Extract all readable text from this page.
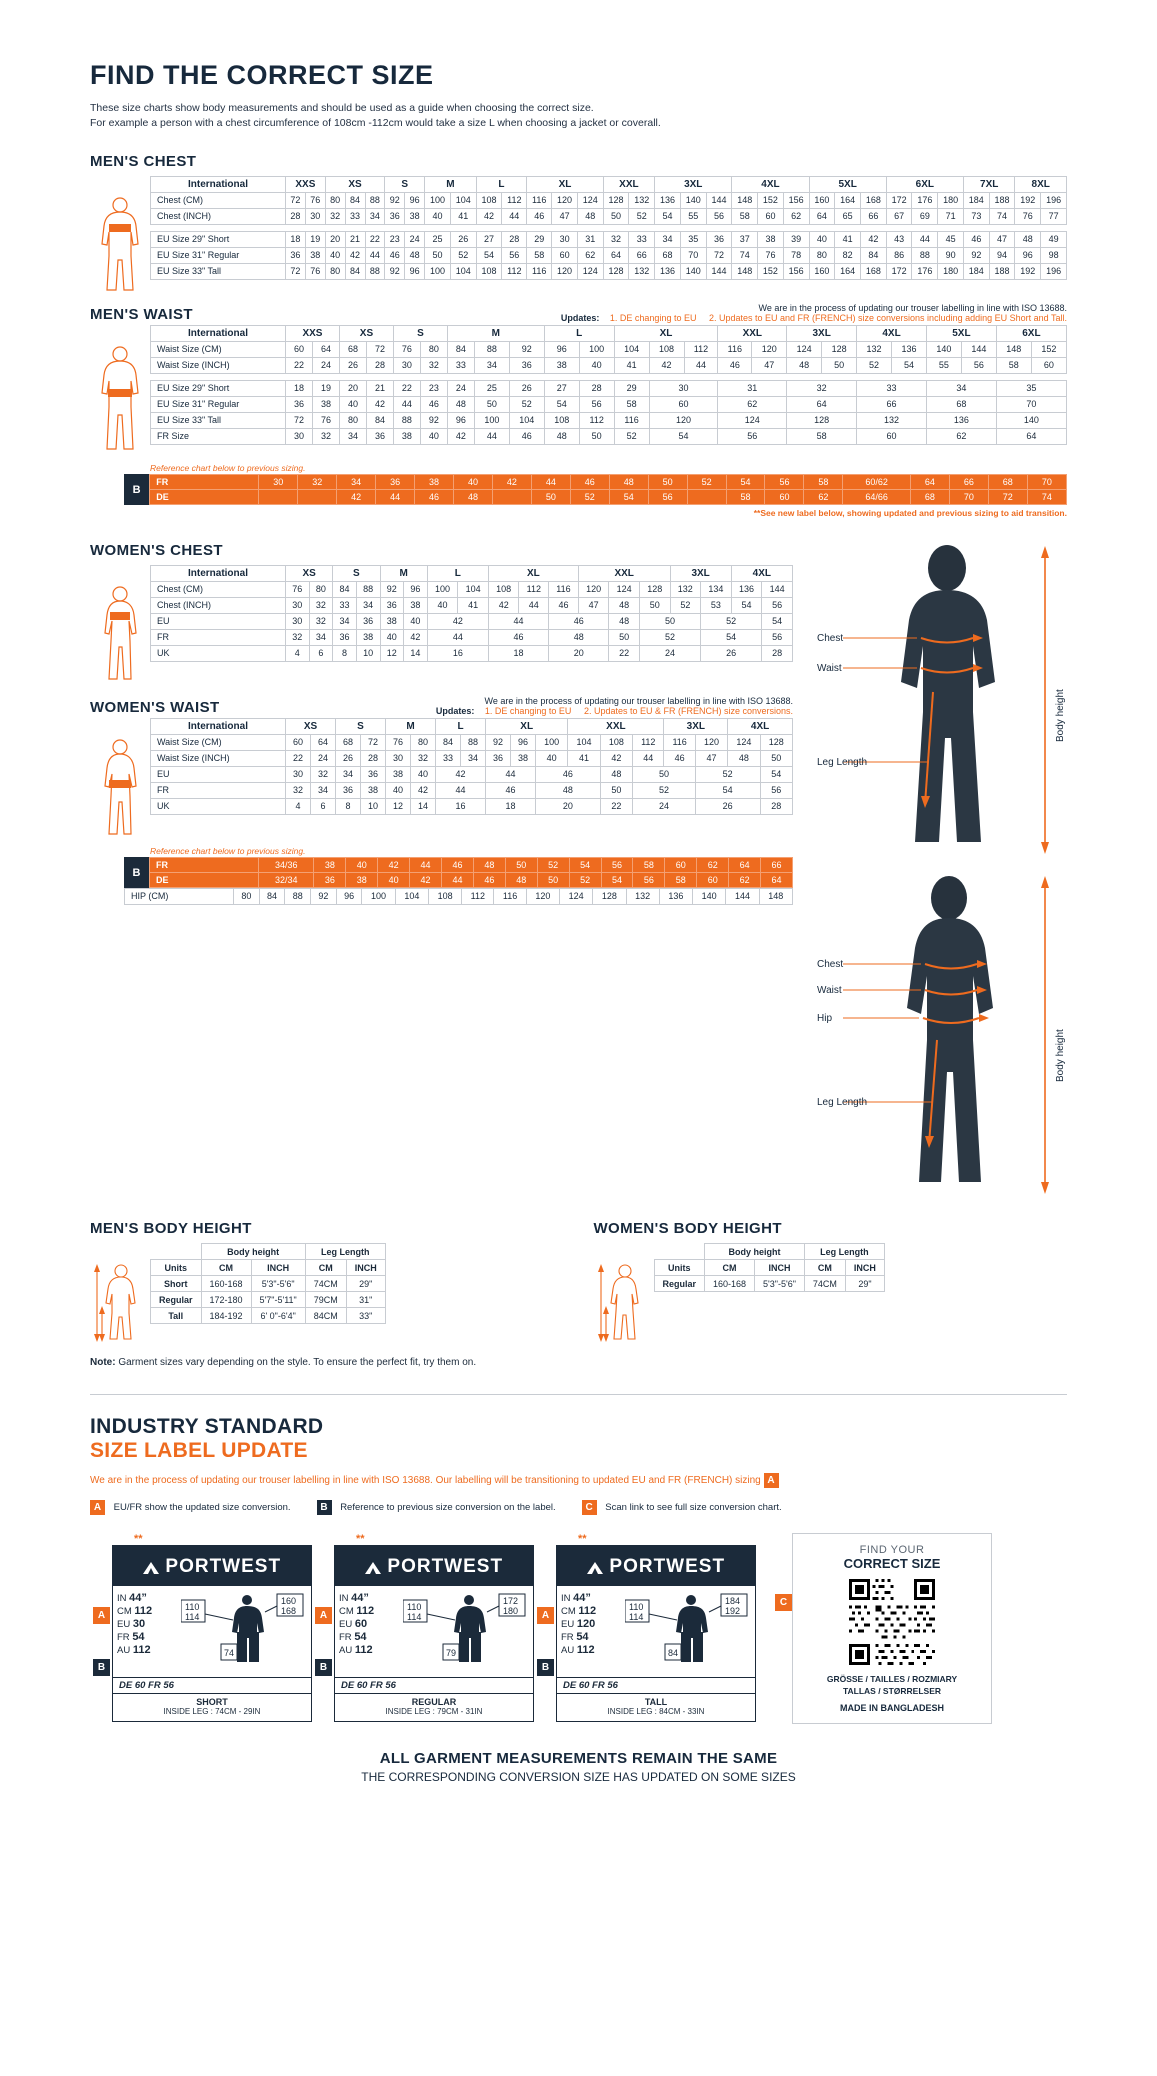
FIND THE CORRECT SIZE
These size charts show body measurements and should be used as a guide when choosing the correct size.
For example a person with a chest circumference of 108cm -112cm would take a size L when choosing a jacket or coverall.
MEN'S CHEST
International	XXS		XS			S		M		L		XL			XXL		3XL			4XL			5XL			6XL			7XL		8XL	
Chest (CM)	72	76	80	84	88	92	96	100	104	108	112	116	120	124	128	132	136	140	144	148	152	156	160	164	168	172	176	180	184	188	192	196
Chest (INCH)	28	30	32	33	34	36	38	40	41	42	44	46	47	48	50	52	54	55	56	58	60	62	64	65	66	67	69	71	73	74	76	77

EU Size 29" Short	18	19	20	21	22	23	24	25	26	27	28	29	30	31	32	33	34	35	36	37	38	39	40	41	42	43	44	45	46	47	48	49
EU Size 31" Regular	36	38	40	42	44	46	48	50	52	54	56	58	60	62	64	66	68	70	72	74	76	78	80	82	84	86	88	90	92	94	96	98
EU Size 33" Tall	72	76	80	84	88	92	96	100	104	108	112	116	120	124	128	132	136	140	144	148	152	156	160	164	168	172	176	180	184	188	192	196
MEN'S WAIST	We are in the process of updating our trouser labelling in line with ISO 13688.
Updates: 1. DE changing to EU 2. Updates to EU and FR (FRENCH) size conversions including adding EU Short and Tall.
International	XXS		XS		S		M			L		XL			XXL		3XL		4XL		5XL		6XL	
Waist Size (CM)	60	64	68	72	76	80	84	88	92	96	100	104	108	112	116	120	124	128	132	136	140	144	148	152
Waist Size (INCH)	22	24	26	28	30	32	33	34	36	38	40	41	42	44	46	47	48	50	52	54	55	56	58	60

EU Size 29" Short	18	19	20	21	22	23	24	25	26	27	28	29	30		31		32		33		34		35	
EU Size 31" Regular	36	38	40	42	44	46	48	50	52	54	56	58	60		62		64		66		68		70	
EU Size 33" Tall	72	76	80	84	88	92	96	100	104	108	112	116	120		124		128		132		136		140	
FR Size	30	32	34	36	38	40	42	44	46	48	50	52	54		56		58		60		62		64	
Reference chart below to previous sizing.
B
FR	30	32	34	36	38	40	42	44	46	48	50	52	54	56	58	60/62	64	66	68	70
DE			42	44	46	48		50	52	54	56		58	60	62	64/66	68	70	72	74
**See new label below, showing updated and previous sizing to aid transition.
WOMEN'S CHEST
International	XS		S		M		L		XL			XXL			3XL		4XL	
Chest (CM)	76	80	84	88	92	96	100	104	108	112	116	120	124	128	132	134	136	144
Chest (INCH)	30	32	33	34	36	38	40	41	42	44	46	47	48	50	52	53	54	56
EU	30	32	34	36	38	40	42		44		46		48	50		52		54
FR	32	34	36	38	40	42	44		46		48		50	52		54		56
UK	4	6	8	10	12	14	16		18		20		22	24		26		28
WOMEN'S WAIST	We are in the process of updating our trouser labelling in line with ISO 13688.
Updates: 1. DE changing to EU 2. Updates to EU & FR (FRENCH) size conversions.
International	XS		S		M		L		XL			XXL			3XL		4XL	
Waist Size (CM)	60	64	68	72	76	80	84	88	92	96	100	104	108	112	116	120	124	128
Waist Size (INCH)	22	24	26	28	30	32	33	34	36	38	40	41	42	44	46	47	48	50
EU	30	32	34	36	38	40	42		44		46		48	50		52		54
FR	32	34	36	38	40	42	44		46		48		50	52		54		56
UK	4	6	8	10	12	14	16		18		20		22	24		26		28
Reference chart below to previous sizing.
B
FR	34/36	38	40	42	44	46	48	50	52	54	56	58	60	62	64	66
DE	32/34	36	38	40	42	44	46	48	50	52	54	56	58	60	62	64
HIP (CM)	80	84	88	92	96	100	104	108	112	116	120	124	128	132	136	140	144	148
Chest
Waist
Leg Length
Body height
Chest
Waist
Hip
Leg Length
Body height
MEN'S BODY HEIGHT
	Body height		Leg Length	
Units	CM	INCH	CM	INCH
Short	160-168	5'3"-5'6"	74CM	29"
Regular	172-180	5'7"-5'11"	79CM	31"
Tall	184-192	6' 0"-6'4"	84CM	33"
WOMEN'S BODY HEIGHT
	Body height		Leg Length	
Units	CM	INCH	CM	INCH
Regular	160-168	5'3"-5'6"	74CM	29"
Note: Garment sizes vary depending on the style. To ensure the perfect fit, try them on.
INDUSTRY STANDARD
SIZE LABEL UPDATE
We are in the process of updating our trouser labelling in line with ISO 13688. Our labelling will be transitioning to updated EU and FR (FRENCH) sizing A
A EU/FR show the updated size conversion.	B Reference to previous size conversion on the label.	C Scan link to see full size conversion chart.
**
PORTWEST
IN 44”
CM 112
EU 30
FR 54
AU 112
110
114
160
168
74
DE 60 FR 56
SHORT
INSIDE LEG : 74CM - 29IN
A
B
**
PORTWEST
IN 44”
CM 112
EU 60
FR 54
AU 112
110
114
172
180
79
DE 60 FR 56
REGULAR
INSIDE LEG : 79CM - 31IN
A
B
**
PORTWEST
IN 44”
CM 112
EU 120
FR 54
AU 112
110
114
184
192
84
DE 60 FR 56
TALL
INSIDE LEG : 84CM - 33IN
A
B
C
FIND YOUR
CORRECT SIZE
GRÖSSE / TAILLES / ROZMIARY
TALLAS / STØRRELSER
MADE IN BANGLADESH
ALL GARMENT MEASUREMENTS REMAIN THE SAME
THE CORRESPONDING CONVERSION SIZE HAS UPDATED ON SOME SIZES
